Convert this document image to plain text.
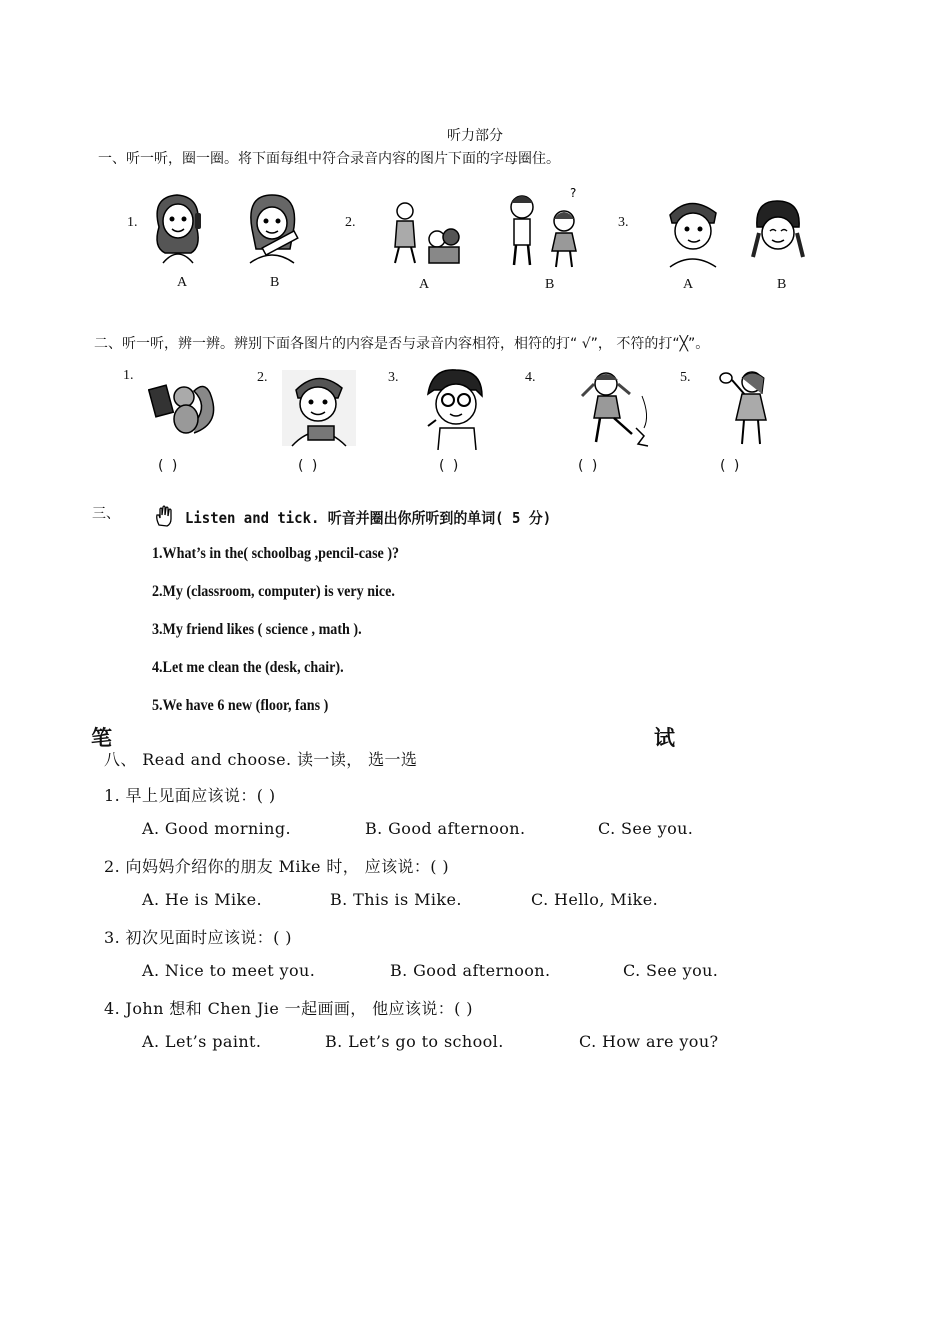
听力部分
一、听一听，圈一圈。将下面每组中符合录音内容的图片下面的字母圈住。
1.
A	B
2.
?
A	B
3.
A	B
二、听一听，辨一辨。辨别下面各图片的内容是否与录音内容相符，相符的打“ √”， 不符的打“╳”。
1.
( )
2.
( )
3.
( )
4.
( )
5.
( )
三、	Listen and tick. 听音并圈出你所听到的单词( 5 分)
1.What’s in the( schoolbag ,pencil-case )?
2.My (classroom, computer) is very nice.
3.My friend likes ( science , math ).
4.Let me clean the (desk, chair).
5.We have 6 new (floor, fans )
笔	试
八、 Read and choose. 读一读， 选一选
1. 早上见面应该说：( )
A. Good morning.	B. Good afternoon.	C. See you.
2. 向妈妈介绍你的朋友 Mike 时， 应该说：( )
A. He is Mike.	B. This is Mike.	C. Hello, Mike.
3. 初次见面时应该说：( )
A. Nice to meet you.	B. Good afternoon.	C. See you.
4. John 想和 Chen Jie 一起画画， 他应该说：( )
A. Let’s paint.	B. Let’s go to school.	C. How are you?
